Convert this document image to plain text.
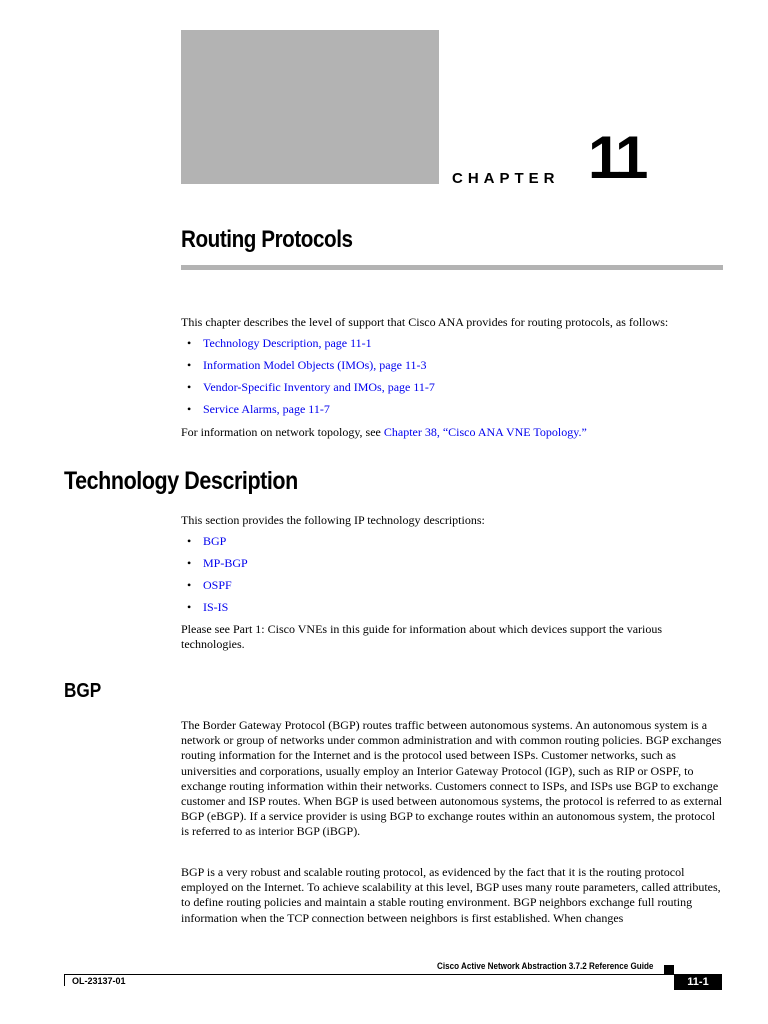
CHAPTER 11
Routing Protocols

This chapter describes the level of support that Cisco ANA provides for routing protocols, as follows:

• Technology Description, page 11-1
• Information Model Objects (IMOs), page 11-3
• Vendor-Specific Inventory and IMOs, page 11-7
• Service Alarms, page 11-7

For information on network topology, see Chapter 38, “Cisco ANA VNE Topology.”

Technology Description

This section provides the following IP technology descriptions:

• BGP
• MP-BGP
• OSPF
• IS-IS

Please see Part 1: Cisco VNEs in this guide for information about which devices support the various technologies.

BGP

The Border Gateway Protocol (BGP) routes traffic between autonomous systems. An autonomous system is a network or group of networks under common administration and with common routing policies. BGP exchanges routing information for the Internet and is the protocol used between ISPs. Customer networks, such as universities and corporations, usually employ an Interior Gateway Protocol (IGP), such as RIP or OSPF, to exchange routing information within their networks. Customers connect to ISPs, and ISPs use BGP to exchange customer and ISP routes. When BGP is used between autonomous systems, the protocol is referred to as external BGP (eBGP). If a service provider is using BGP to exchange routes within an autonomous system, the protocol is referred to as interior BGP (iBGP).

BGP is a very robust and scalable routing protocol, as evidenced by the fact that it is the routing protocol employed on the Internet. To achieve scalability at this level, BGP uses many route parameters, called attributes, to define routing policies and maintain a stable routing environment. BGP neighbors exchange full routing information when the TCP connection between neighbors is first established. When changes

Cisco Active Network Abstraction 3.7.2 Reference Guide
OL-23137-01	11-1
